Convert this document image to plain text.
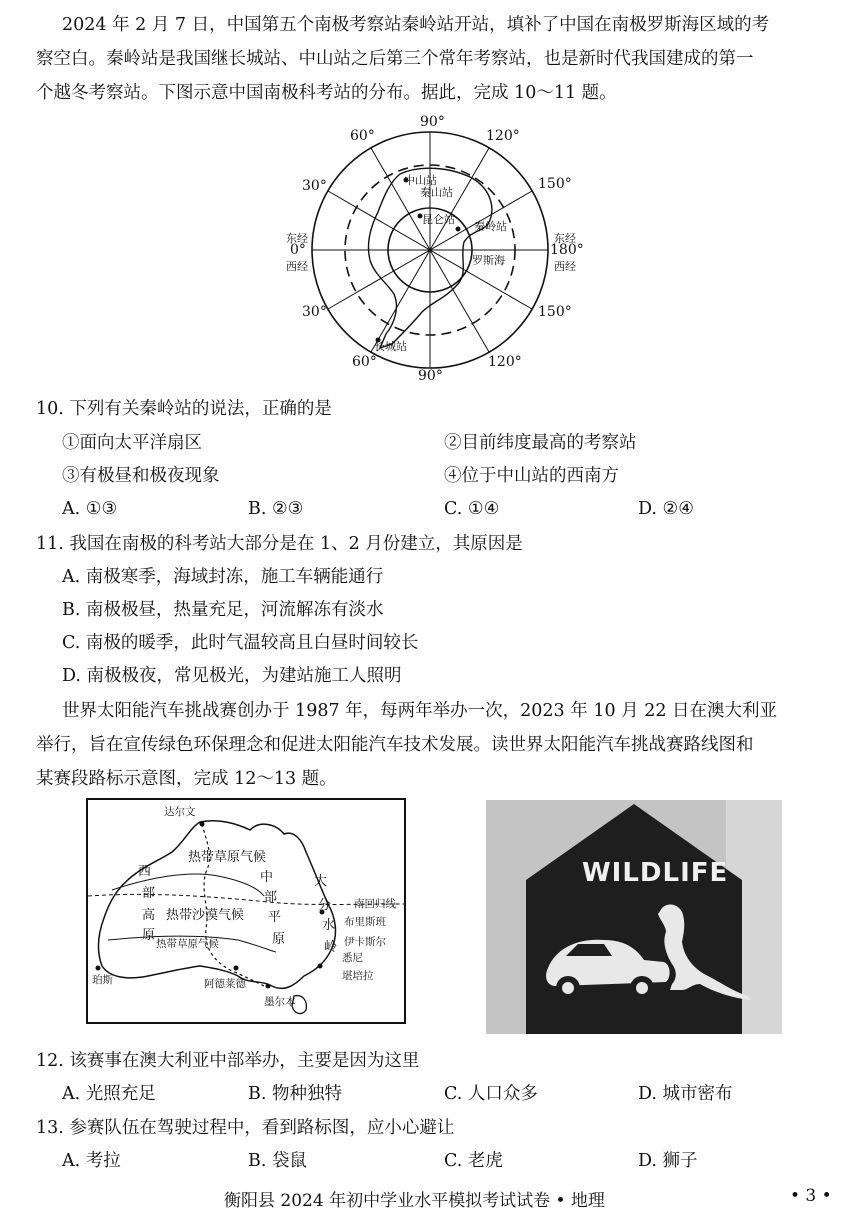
2024 年 2 月 7 日，中国第五个南极考察站秦岭站开站，填补了中国在南极罗斯海区域的考
察空白。秦岭站是我国继长城站、中山站之后第三个常年考察站，也是新时代我国建成的第一
个越冬考察站。下图示意中国南极科考站的分布。据此，完成 10～11 题。
90°
60°	120°
30°	150°
东经
0°
西经
东经
180°
西经
30°	150°
60°	120°
90°
中山站
秦山站
昆仑站
秦岭站
罗斯海
长城站
10. 下列有关秦岭站的说法，正确的是
①面向太平洋扇区	②目前纬度最高的考察站
③有极昼和极夜现象	④位于中山站的西南方
A. ①③	B. ②③	C. ①④	D. ②④
11. 我国在南极的科考站大部分是在 1、2 月份建立，其原因是
A. 南极寒季，海域封冻，施工车辆能通行
B. 南极极昼，热量充足，河流解冻有淡水
C. 南极的暖季，此时气温较高且白昼时间较长
D. 南极极夜，常见极光，为建站施工人照明
世界太阳能汽车挑战赛创办于 1987 年，每两年举办一次，2023 年 10 月 22 日在澳大利亚
举行，旨在宣传绿色环保理念和促进太阳能汽车技术发展。读世界太阳能汽车挑战赛路线图和
某赛段路标示意图，完成 12～13 题。
达尔文
热带草原气候
西
部
高
原
中
部
平
原
热带沙漠气候
热带草原气候
大
分
水
岭
南回归线
布里斯班
珀斯	阿德莱德
墨尔本
悉尼
堪培拉
伊卡斯尔
WILDLIFE
12. 该赛事在澳大利亚中部举办，主要是因为这里
A. 光照充足	B. 物种独特	C. 人口众多	D. 城市密布
13. 参赛队伍在驾驶过程中，看到路标图，应小心避让
A. 考拉	B. 袋鼠	C. 老虎	D. 狮子
衡阳县 2024 年初中学业水平模拟考试试卷 • 地理	• 3 •
